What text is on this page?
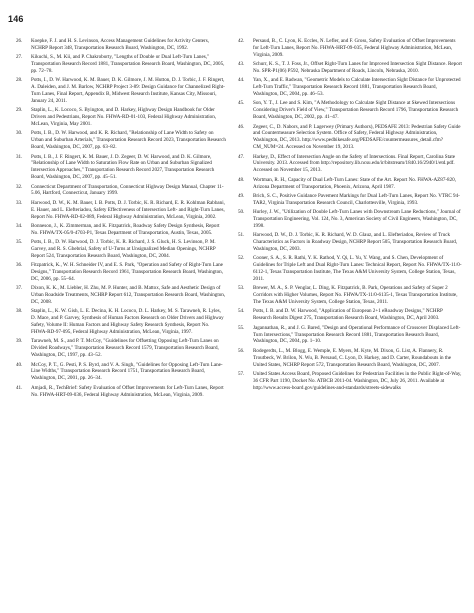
146
26. Koepke, F. J. and H. S. Levinson, Access Management Guidelines for Activity Centers, NCHRP Report 348, Transportation Research Board, Washington, DC, 1992.
27. Kikuchi, S., M. Kii, and P. Chakroborty, "Lengths of Double or Dual Left-Turn Lanes," Transportation Research Record 1881, Transportation Research Board, Washington, DC, 2005, pp. 72–78.
28. Potts, I., D. W. Harwood, K. M. Bauer, D. K. Gilmore, J. M. Hutton, D. J. Torbic, J. F. Ringert, A. Daleiden, and J. M. Barlow, NCHRP Project 3-89: Design Guidance for Channelized Right-Turn Lanes, Final Report, Appendix B, Midwest Research Institute, Kansas City, Missouri, January 24, 2011.
29. Staplin, L., K. Lococo, S. Byington, and D. Harkey, Highway Design Handbook for Older Drivers and Pedestrians, Report No. FHWA-RD-01-103, Federal Highway Administration, McLean, Virginia, May 2001.
30. Potts, I. B., D. W. Harwood, and K. R. Richard, "Relationship of Lane Width to Safety on Urban and Suburban Arterials," Transportation Research Record 2023, Transportation Research Board, Washington, DC, 2007, pp. 63–82.
31. Potts, I. B., J. F. Ringert, K. M. Bauer, J. D. Zegeer, D. W. Harwood, and D. K. Gilmore, "Relationship of Lane Width to Saturation Flow Rate on Urban and Suburban Signalized Intersection Approaches," Transportation Research Record 2027, Transportation Research Board, Washington, DC, 2007, pp. 45–51.
32. Connecticut Department of Transportation, Connecticut Highway Design Manual, Chapter 11-5.06, Hartford, Connecticut, January 1999.
33. Harwood, D. W., K. M. Bauer, I. B. Potts, D. J. Torbic, K. R. Richard, E. R. Kohlman Rabbani, E. Hauer, and L. Elefteriadou, Safety Effectiveness of Intersection Left- and Right-Turn Lanes, Report No. FHWA-RD-02-089, Federal Highway Administration, McLean, Virginia, 2002.
34. Bonneson, J., K. Zimmerman, and K. Fitzpatrick, Roadway Safety Design Synthesis, Report No. FHWA/TX-05/0-4703-P1, Texas Department of Transportation, Austin, Texas, 2005.
35. Potts, I. B., D. W. Harwood, D. J. Torbic, K. R. Richard, J. S. Gluck, H. S. Levinson, P. M. Garvey, and R. S. Ghebrial, Safety of U-Turns at Unsignalized Median Openings, NCHRP Report 524, Transportation Research Board, Washington, DC, 2004.
36. Fitzpatrick, K., W. H. Schneider IV, and E. S. Park, "Operation and Safety of Right-Turn Lane Designs," Transportation Research Record 1961, Transportation Research Board, Washington, DC, 2006, pp. 55–64.
37. Dixon, K. K., M. Liebler, H. Zhu, M. P. Hunter, and B. Mattox, Safe and Aesthetic Design of Urban Roadside Treatments, NCHRP Report 612, Transportation Research Board, Washington, DC, 2008.
38. Staplin, L., K. W. Gish, L. E. Decina, K. H. Lococo, D. L. Harkey, M. S. Tarawneh, R. Lyles, D. Mace, and P. Garvey, Synthesis of Human Factors Research on Older Drivers and Highway Safety, Volume II: Human Factors and Highway Safety Research Synthesis, Report No. FHWA-RD-97-095, Federal Highway Administration, McLean, Virginia, 1997.
39. Tarawneh, M. S., and P. T. McCoy, "Guidelines for Offsetting Opposing Left-Turn Lanes on Divided Roadways," Transportation Research Record 1579, Transportation Research Board, Washington, DC, 1997, pp. 43–52.
40. McCoy, P. T., G. Pesti, P. S. Byrd, and V. A. Singh, "Guidelines for Opposing Left-Turn Lane-Line Widths," Transportation Research Record 1751, Transportation Research Board, Washington, DC, 2001, pp. 26–34.
41. Amjadi, R., TechBrief: Safety Evaluation of Offset Improvements for Left-Turn Lanes, Report No. FHWA-HRT-09-036, Federal Highway Administration, McLean, Virginia, 2009.
42. Persaud, B., C. Lyon, K. Eccles, N. Lefler, and F. Gross, Safety Evaluation of Offset Improvements for Left-Turn Lanes, Report No. FHWA-HRT-09-035, Federal Highway Administration, McLean, Virginia, 2009.
43. Schurr, K. S., T. J. Foss, Jr., Offset Right-Turn Lanes for Improved Intersection Sight Distance. Report No. SPR-P1(06) P592, Nebraska Department of Roads, Lincoln, Nebraska, 2010.
44. Yan, X., and E. Radwan, "Geometric Models to Calculate Intersection Sight Distance for Unprotected Left-Turn Traffic," Transportation Research Record 1881, Transportation Research Board, Washington, DC, 2004, pp. 46–53.
45. Son, Y. T., J. Lee and S. Kim, "A Methodology to Calculate Sight Distance at Skewed Intersections Considering Driver's Field of View," Transportation Research Record 1796, Transportation Research Board, Washington, DC, 2002, pp. 41–47.
46. Zegeer, C., D. Nabors, and P. Lagerwey (Primary Authors), PEDSAFE 2013: Pedestrian Safety Guide and Countermeasure Selection System. Office of Safety, Federal Highway Administration, Washington, DC, 2013. http://www.pedbikesafe.org/PEDSAFE/countermeasures_detail.cfm?CM_NUM=24. Accessed on November 19, 2013.
47. Harkey, D., Effect of Intersection Angle on the Safety of Intersections. Final Report, Carolina State University. 2013. Accessed from http://repository.lib.ncsu.edu/ir/bitstream/1840.16/2940/1/etd.pdf. Accessed on November 15, 2013.
48. Wortman, R. H., Capacity of Dual Left-Turn Lanes: State of the Art. Report No. FHWA-AZ87-820, Arizona Department of Transportation, Phoenix, Arizona, April 1987.
49. Brich, S. C., Positive Guidance Pavement Markings for Dual Left-Turn Lanes, Report No. VTRC 94-TAR2, Virginia Transportation Research Council, Charlottesville, Virginia, 1993.
50. Hurley, J. W., "Utilization of Double Left-Turn Lanes with Downstream Lane Reductions," Journal of Transportation Engineering, Vol. 124, No. 3, American Society of Civil Engineers, Washington, DC, 1998.
51. Harwood, D. W., D. J. Torbic, K. R. Richard, W. D. Glauz, and L. Elefteriadou, Review of Truck Characteristics as Factors in Roadway Design, NCHRP Report 505, Transportation Research Board, Washington, DC, 2003.
52. Cooner, S. A., S. R. Rathi, Y. K. Rathod, Y. Qi, L. Yu, Y. Wang, and S. Chen, Development of Guidelines for Triple Left and Dual Right-Turn Lanes: Technical Report, Report No. FHWA/TX-11/0-6112-1, Texas Transportation Institute, The Texas A&M University System, College Station, Texas, 2011.
53. Brewer, M. A., S. P. Venglar, L. Ding, K. Fitzpatrick, B. Park, Operations and Safety of Super 2 Corridors with Higher Volumes, Report No. FHWA/TX-11/0-6135-1, Texas Transportation Institute, The Texas A&M University System, College Station, Texas, 2011.
54. Potts, I. B. and D. W. Harwood, "Application of European 2+1 eRoadway Designs," NCHRP Research Results Digest 275, Transportation Research Board, Washington, DC, April 2003.
55. Jagannathan, R., and J. G. Bared, "Design and Operational Performance of Crossover Displaced Left-Turn Intersections," Transportation Research Record 1881, Transportation Research Board, Washington, DC, 2004, pp. 1–10.
56. Rodegerdts, L., M. Blogg, E. Wemple, E. Myers, M. Kyte, M. Dixon, G. List, A. Flannery, R. Troutbeck, W. Brilon, N. Wu, B. Persaud, C. Lyon, D. Harkey, and D. Carter, Roundabouts in the United States, NCHRP Report 572, Transportation Research Board, Washington, DC, 2007.
57. United States Access Board, Proposed Guidelines for Pedestrian Facilities in the Public Right-of-Way, 36 CFR Part 1190, Docket No. ATBCB 2011-04. Washington, DC, July 26, 2011. Available at http://www.access-board.gov/guidelines-and-standards/streets-sidewalks
